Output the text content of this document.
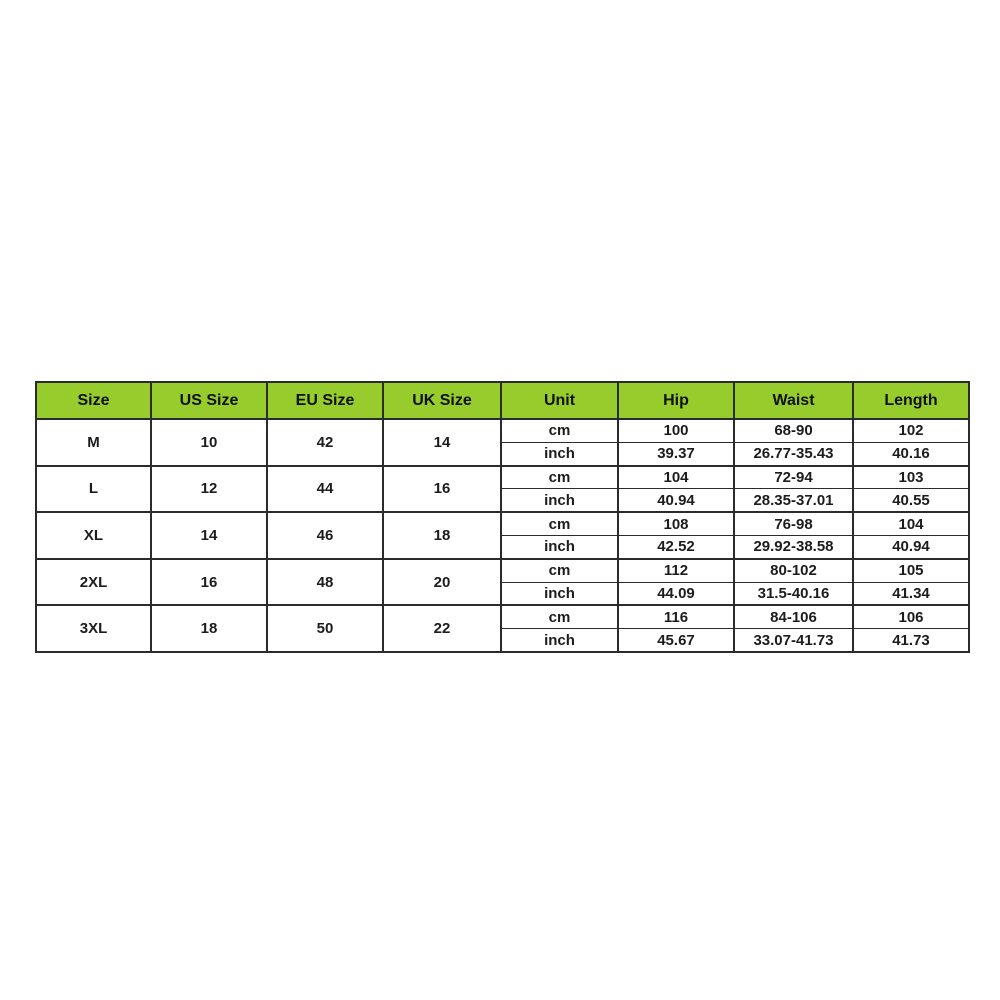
Size	US Size	EU Size	UK Size	Unit	Hip	Waist	Length
M	10	42	14	cm	100	68-90	102
				inch	39.37	26.77-35.43	40.16
L	12	44	16	cm	104	72-94	103
				inch	40.94	28.35-37.01	40.55
XL	14	46	18	cm	108	76-98	104
				inch	42.52	29.92-38.58	40.94
2XL	16	48	20	cm	112	80-102	105
				inch	44.09	31.5-40.16	41.34
3XL	18	50	22	cm	116	84-106	106
				inch	45.67	33.07-41.73	41.73
